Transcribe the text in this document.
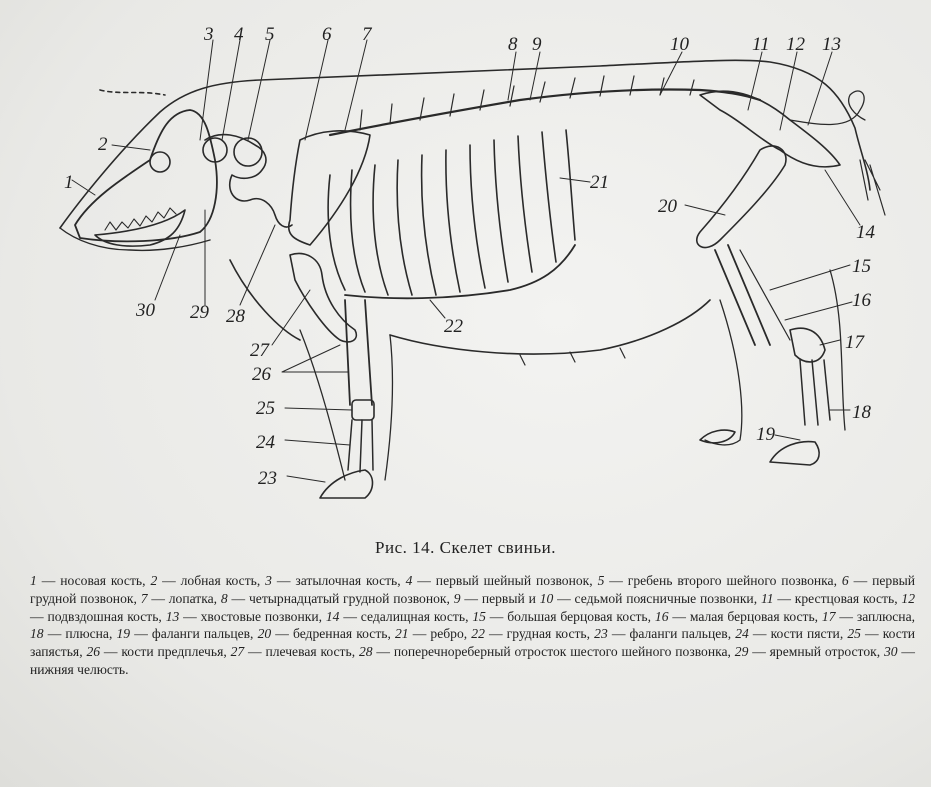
1
2
3 4 5	6 7	8 9	10	11 12 13
14
15
16
17
18
19
20
21
22
23
24
25
26
27
28
29
30
Рис. 14. Скелет свиньи.
1 — носовая кость, 2 — лобная кость, 3 — затылочная кость, 4 — первый шейный позвонок, 5 — гребень второго шейного позвонка, 6 — первый грудной позвонок, 7 — лопатка, 8 — четырнадцатый грудной позвонок, 9 — первый и 10 — седьмой поясничные позвонки, 11 — крестцовая кость, 12 — подвздошная кость, 13 — хвостовые позвонки, 14 — седалищная кость, 15 — большая берцовая кость, 16 — малая берцовая кость, 17 — заплюсна, 18 — плюсна, 19 — фаланги пальцев, 20 — бедренная кость, 21 — ребро, 22 — грудная кость, 23 — фаланги пальцев, 24 — кости пясти, 25 — кости запястья, 26 — кости предплечья, 27 — плечевая кость, 28 — поперечнореберный отросток шестого шейного позвонка, 29 — яремный отросток, 30 — нижняя челюсть.
